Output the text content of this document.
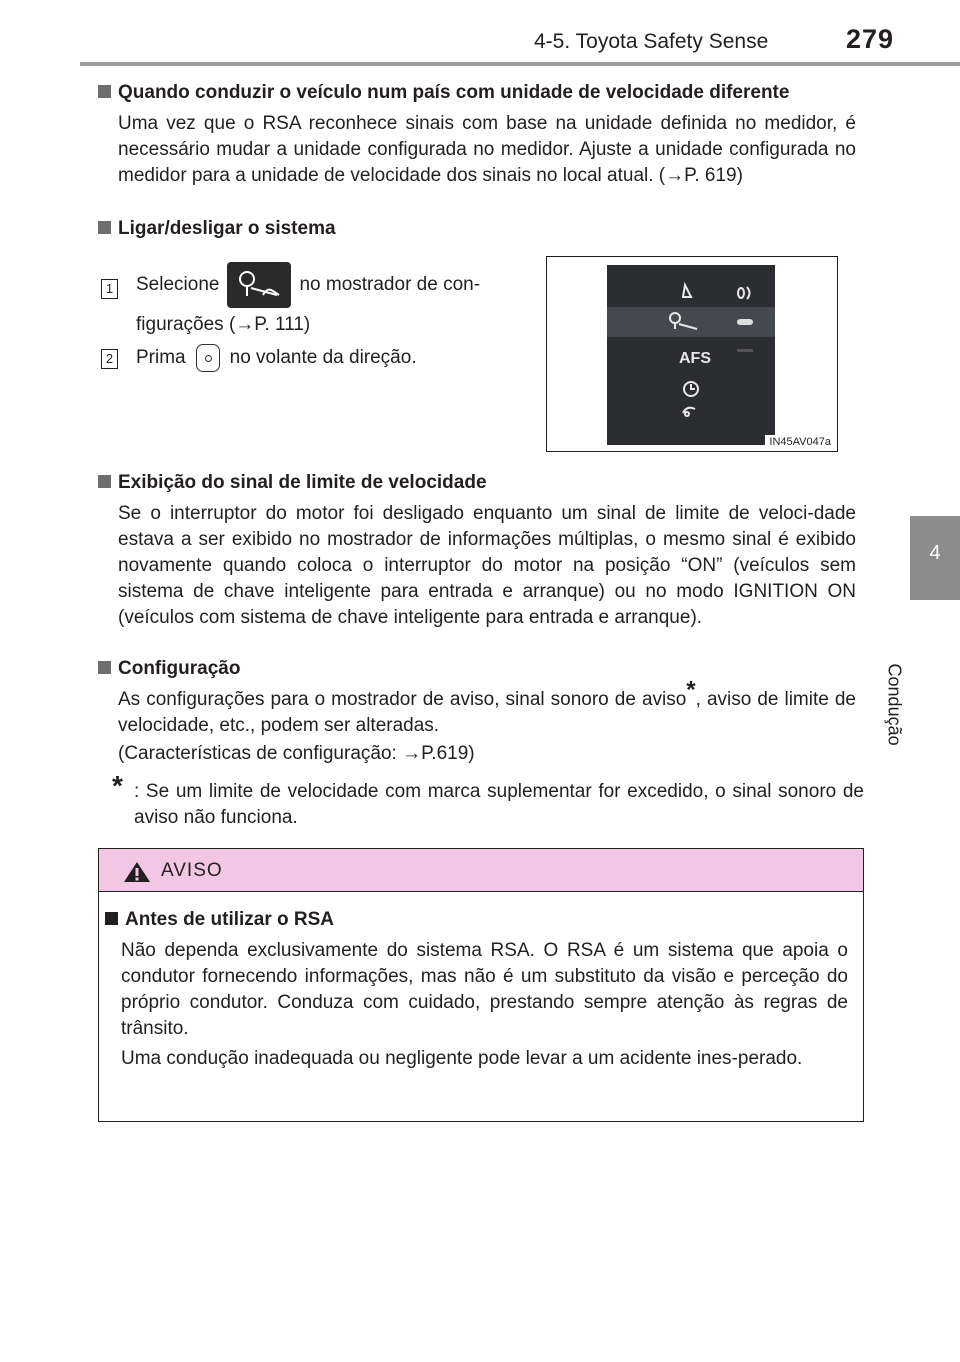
4-5. Toyota Safety Sense	279
4
Condução
Quando conduzir o veículo num país com unidade de velocidade diferente
Uma vez que o RSA reconhece sinais com base na unidade definida no medidor, é necessário mudar a unidade configurada no medidor. Ajuste a unidade configurada no medidor para a unidade de velocidade dos sinais no local atual. (→P. 619)
Ligar/desligar o sistema
1 Selecione	no mostrador de con-
figurações (→P. 111)
2 Prima no volante da direção.	AFS
IN45AV047a
Exibição do sinal de limite de velocidade
Se o interruptor do motor foi desligado enquanto um sinal de limite de veloci-dade estava a ser exibido no mostrador de informações múltiplas, o mesmo sinal é exibido novamente quando coloca o interruptor do motor na posição “ON” (veículos sem sistema de chave inteligente para entrada e arranque) ou no modo IGNITION ON (veículos com sistema de chave inteligente para entrada e arranque).
Configuração
As configurações para o mostrador de aviso, sinal sonoro de aviso*, aviso de limite de velocidade, etc., podem ser alteradas.
(Características de configuração: →P.619)
* : Se um limite de velocidade com marca suplementar for excedido, o sinal sonoro de aviso não funciona.
AVISO
Antes de utilizar o RSA
Não dependa exclusivamente do sistema RSA. O RSA é um sistema que apoia o condutor fornecendo informações, mas não é um substituto da visão e perceção do próprio condutor. Conduza com cuidado, prestando sempre atenção às regras de trânsito.
Uma condução inadequada ou negligente pode levar a um acidente ines-perado.
